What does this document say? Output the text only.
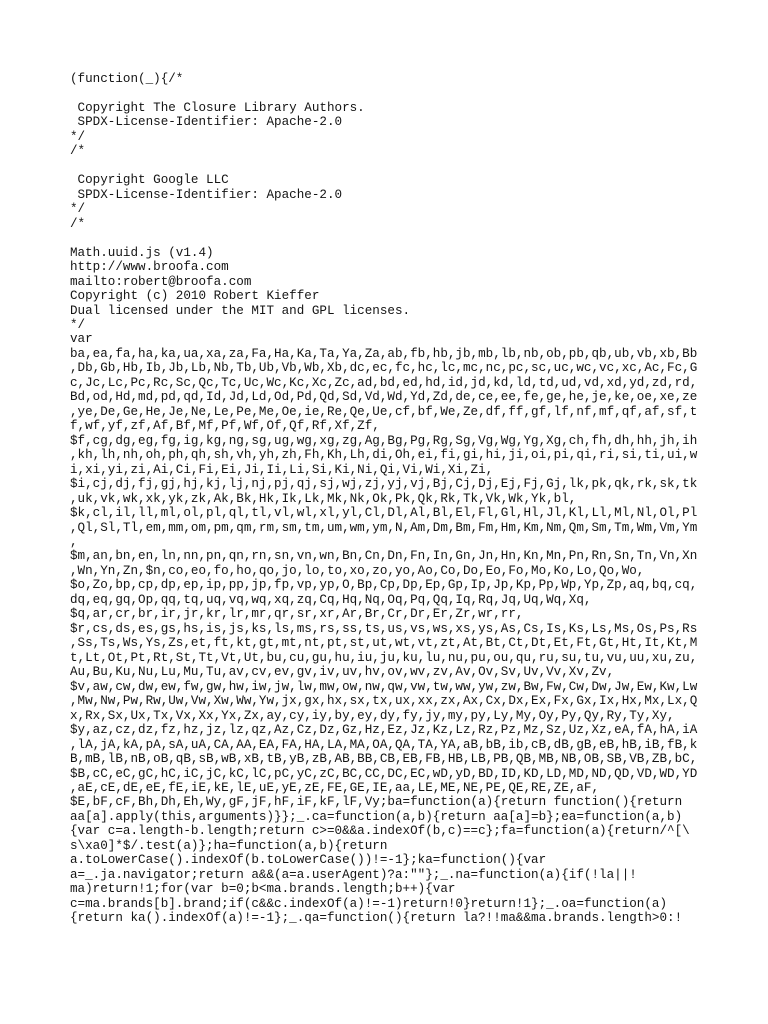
(function(_){/*
Copyright The Closure Library Authors.
SPDX-License-Identifier: Apache-2.0
*/
/*
Copyright Google LLC
SPDX-License-Identifier: Apache-2.0
*/
/*
Math.uuid.js (v1.4)
http://www.broofa.com
mailto:robert@broofa.com
Copyright (c) 2010 Robert Kieffer
Dual licensed under the MIT and GPL licenses.
*/
var
ba,ea,fa,ha,ka,ua,xa,za,Fa,Ha,Ka,Ta,Ya,Za,ab,fb,hb,jb,mb,lb,nb,ob,pb,qb,ub,vb,xb,Bb
,Db,Gb,Hb,Ib,Jb,Lb,Nb,Tb,Ub,Vb,Wb,Xb,dc,ec,fc,hc,lc,mc,nc,pc,sc,uc,wc,vc,xc,Ac,Fc,G
c,Jc,Lc,Pc,Rc,Sc,Qc,Tc,Uc,Wc,Kc,Xc,Zc,ad,bd,ed,hd,id,jd,kd,ld,td,ud,vd,xd,yd,zd,rd,
Bd,od,Hd,md,pd,qd,Id,Jd,Ld,Od,Pd,Qd,Sd,Vd,Wd,Yd,Zd,de,ce,ee,fe,ge,he,je,ke,oe,xe,ze
,ye,De,Ge,He,Je,Ne,Le,Pe,Me,Oe,ie,Re,Qe,Ue,cf,bf,We,Ze,df,ff,gf,lf,nf,mf,qf,af,sf,t
f,wf,yf,zf,Af,Bf,Mf,Pf,Wf,Of,Qf,Rf,Xf,Zf,
$f,cg,dg,eg,fg,ig,kg,ng,sg,ug,wg,xg,zg,Ag,Bg,Pg,Rg,Sg,Vg,Wg,Yg,Xg,ch,fh,dh,hh,jh,ih
,kh,lh,nh,oh,ph,qh,sh,vh,yh,zh,Fh,Kh,Lh,di,Oh,ei,fi,gi,hi,ji,oi,pi,qi,ri,si,ti,ui,w
i,xi,yi,zi,Ai,Ci,Fi,Ei,Ji,Ii,Li,Si,Ki,Ni,Qi,Vi,Wi,Xi,Zi,
$i,cj,dj,fj,gj,hj,kj,lj,nj,pj,qj,sj,wj,zj,yj,vj,Bj,Cj,Dj,Ej,Fj,Gj,lk,pk,qk,rk,sk,tk
,uk,vk,wk,xk,yk,zk,Ak,Bk,Hk,Ik,Lk,Mk,Nk,Ok,Pk,Qk,Rk,Tk,Vk,Wk,Yk,bl,
$k,cl,il,ll,ml,ol,pl,ql,tl,vl,wl,xl,yl,Cl,Dl,Al,Bl,El,Fl,Gl,Hl,Jl,Kl,Ll,Ml,Nl,Ol,Pl
,Ql,Sl,Tl,em,mm,om,pm,qm,rm,sm,tm,um,wm,ym,N,Am,Dm,Bm,Fm,Hm,Km,Nm,Qm,Sm,Tm,Wm,Vm,Ym
,
$m,an,bn,en,ln,nn,pn,qn,rn,sn,vn,wn,Bn,Cn,Dn,Fn,In,Gn,Jn,Hn,Kn,Mn,Pn,Rn,Sn,Tn,Vn,Xn
,Wn,Yn,Zn,$n,co,eo,fo,ho,qo,jo,lo,to,xo,zo,yo,Ao,Co,Do,Eo,Fo,Mo,Ko,Lo,Qo,Wo,
$o,Zo,bp,cp,dp,ep,ip,pp,jp,fp,vp,yp,O,Bp,Cp,Dp,Ep,Gp,Ip,Jp,Kp,Pp,Wp,Yp,Zp,aq,bq,cq,
dq,eq,gq,Op,qq,tq,uq,vq,wq,xq,zq,Cq,Hq,Nq,Oq,Pq,Qq,Iq,Rq,Jq,Uq,Wq,Xq,
$q,ar,cr,br,ir,jr,kr,lr,mr,qr,sr,xr,Ar,Br,Cr,Dr,Er,Zr,wr,rr,
$r,cs,ds,es,gs,hs,is,js,ks,ls,ms,rs,ss,ts,us,vs,ws,xs,ys,As,Cs,Is,Ks,Ls,Ms,Os,Ps,Rs
,Ss,Ts,Ws,Ys,Zs,et,ft,kt,gt,mt,nt,pt,st,ut,wt,vt,zt,At,Bt,Ct,Dt,Et,Ft,Gt,Ht,It,Kt,M
t,Lt,Ot,Pt,Rt,St,Tt,Vt,Ut,bu,cu,gu,hu,iu,ju,ku,lu,nu,pu,ou,qu,ru,su,tu,vu,uu,xu,zu,
Au,Bu,Ku,Nu,Lu,Mu,Tu,av,cv,ev,gv,iv,uv,hv,ov,wv,zv,Av,Ov,Sv,Uv,Vv,Xv,Zv,
$v,aw,cw,dw,ew,fw,gw,hw,iw,jw,lw,mw,ow,nw,qw,vw,tw,ww,yw,zw,Bw,Fw,Cw,Dw,Jw,Ew,Kw,Lw
,Mw,Nw,Pw,Rw,Uw,Vw,Xw,Ww,Yw,jx,gx,hx,sx,tx,ux,xx,zx,Ax,Cx,Dx,Ex,Fx,Gx,Ix,Hx,Mx,Lx,Q
x,Rx,Sx,Ux,Tx,Vx,Xx,Yx,Zx,ay,cy,iy,by,ey,dy,fy,jy,my,py,Ly,My,Oy,Py,Qy,Ry,Ty,Xy,
$y,az,cz,dz,fz,hz,jz,lz,qz,Az,Cz,Dz,Gz,Hz,Ez,Jz,Kz,Lz,Rz,Pz,Mz,Sz,Uz,Xz,eA,fA,hA,iA
,lA,jA,kA,pA,sA,uA,CA,AA,EA,FA,HA,LA,MA,OA,QA,TA,YA,aB,bB,ib,cB,dB,gB,eB,hB,iB,fB,k
B,mB,lB,nB,oB,qB,sB,wB,xB,tB,yB,zB,AB,BB,CB,EB,FB,HB,LB,PB,QB,MB,NB,OB,SB,VB,ZB,bC,
$B,cC,eC,gC,hC,iC,jC,kC,lC,pC,yC,zC,BC,CC,DC,EC,wD,yD,BD,ID,KD,LD,MD,ND,QD,VD,WD,YD
,aE,cE,dE,eE,fE,iE,kE,lE,uE,yE,zE,FE,GE,IE,aa,LE,ME,NE,PE,QE,RE,ZE,aF,
$E,bF,cF,Bh,Dh,Eh,Wy,gF,jF,hF,iF,kF,lF,Vy;ba=function(a){return function(){return
aa[a].apply(this,arguments)}};_.ca=function(a,b){return aa[a]=b};ea=function(a,b)
{var c=a.length-b.length;return c>=0&&a.indexOf(b,c)==c};fa=function(a){return/^[\
s\xa0]*$/.test(a)};ha=function(a,b){return
a.toLowerCase().indexOf(b.toLowerCase())!=-1};ka=function(){var
a=_.ja.navigator;return a&&(a=a.userAgent)?a:""};_.na=function(a){if(!la||!
ma)return!1;for(var b=0;b<ma.brands.length;b++){var
c=ma.brands[b].brand;if(c&&c.indexOf(a)!=-1)return!0}return!1};_.oa=function(a)
{return ka().indexOf(a)!=-1};_.qa=function(){return la?!!ma&&ma.brands.length>0:!
